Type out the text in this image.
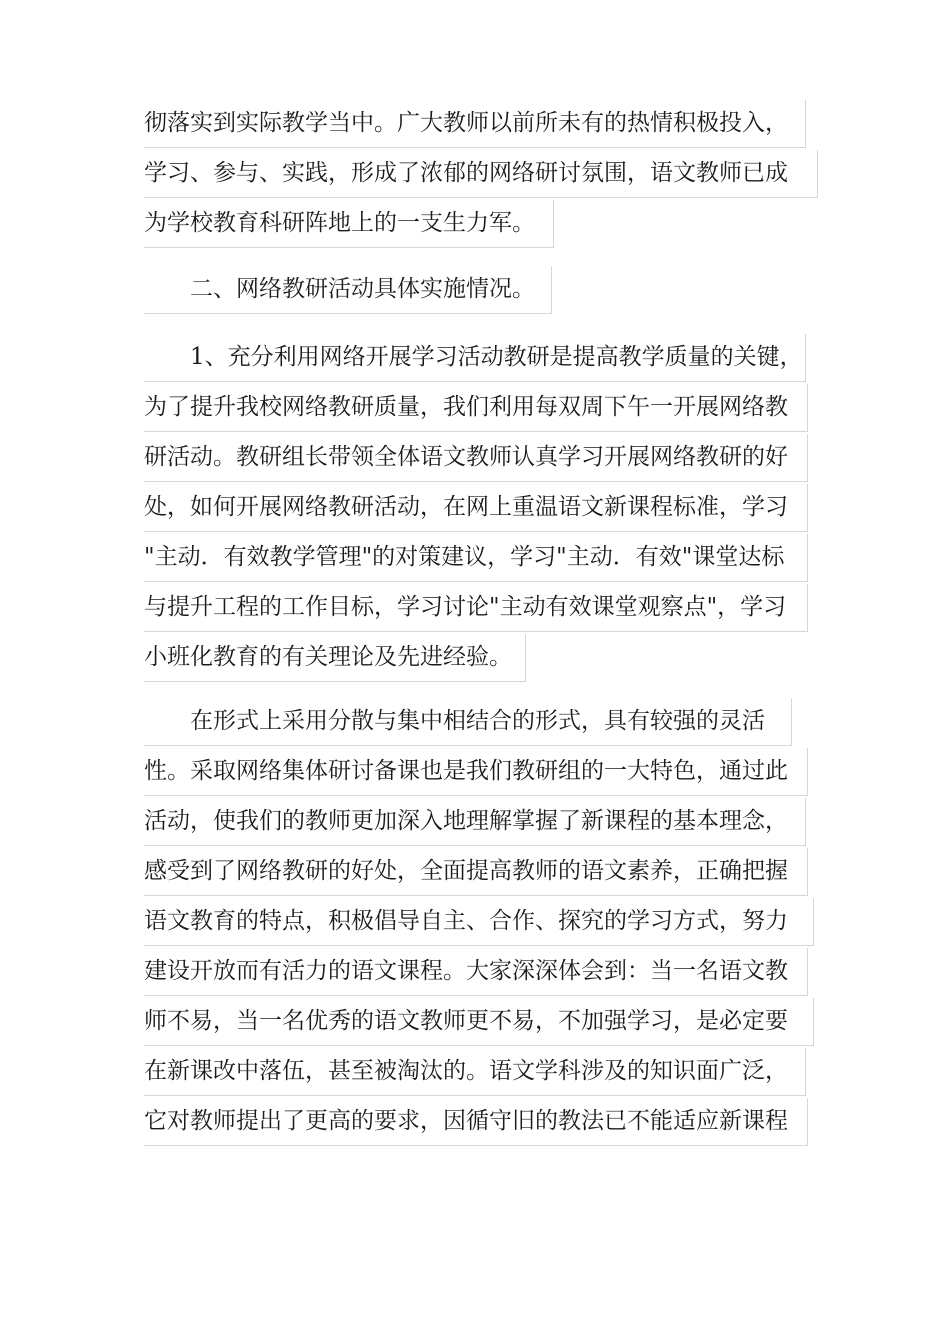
彻落实到实际教学当中。广大教师以前所未有的热情积极投入，
学习、参与、实践，形成了浓郁的网络研讨氛围，语文教师已成
为学校教育科研阵地上的一支生力军。
二、网络教研活动具体实施情况。
1、充分利用网络开展学习活动教研是提高教学质量的关键，
为了提升我校网络教研质量，我们利用每双周下午一开展网络教
研活动。教研组长带领全体语文教师认真学习开展网络教研的好
处，如何开展网络教研活动，在网上重温语文新课程标准，学习
"主动．有效教学管理"的对策建议，学习"主动．有效"课堂达标
与提升工程的工作目标，学习讨论"主动有效课堂观察点"，学习
小班化教育的有关理论及先进经验。
在形式上采用分散与集中相结合的形式，具有较强的灵活
性。采取网络集体研讨备课也是我们教研组的一大特色，通过此
活动，使我们的教师更加深入地理解掌握了新课程的基本理念，
感受到了网络教研的好处，全面提高教师的语文素养，正确把握
语文教育的特点，积极倡导自主、合作、探究的学习方式，努力
建设开放而有活力的语文课程。大家深深体会到：当一名语文教
师不易，当一名优秀的语文教师更不易，不加强学习，是必定要
在新课改中落伍，甚至被淘汰的。语文学科涉及的知识面广泛，
它对教师提出了更高的要求，因循守旧的教法已不能适应新课程
